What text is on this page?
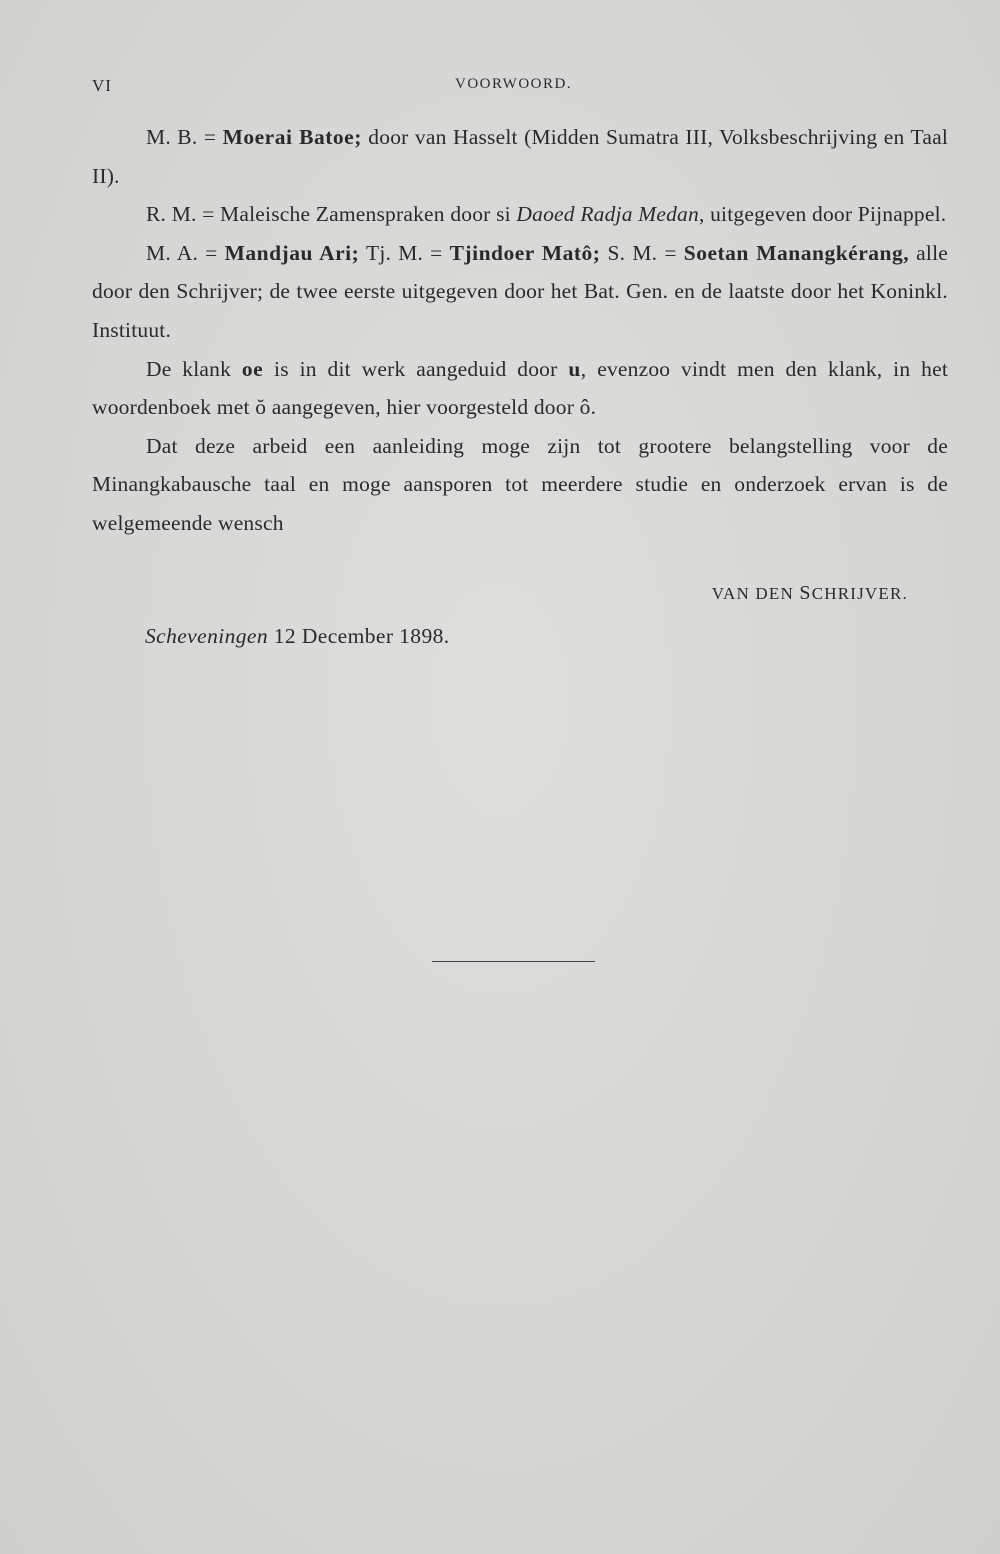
VI	VOORWOORD.

M. B. = Moerai Batoe; door van Hasselt (Midden Sumatra III, Volksbeschrijving en Taal II).

R. M. = Maleische Zamenspraken door si Daoed Radja Medan, uitgegeven door Pijnappel.

M. A. = Mandjau Ari; Tj. M. = Tjindoer Matô; S. M. = Soetan Manangkérang, alle door den Schrijver; de twee eerste uitgegeven door het Bat. Gen. en de laatste door het Koninkl. Instituut.

De klank oe is in dit werk aangeduid door u, evenzoo vindt men den klank, in het woordenboek met ŏ aangegeven, hier voorgesteld door ô.

Dat deze arbeid een aanleiding moge zijn tot grootere belangstelling voor de Minangkabausche taal en moge aansporen tot meerdere studie en onderzoek ervan is de welgemeende wensch

VAN DEN SCHRIJVER.
Scheveningen 12 December 1898.
